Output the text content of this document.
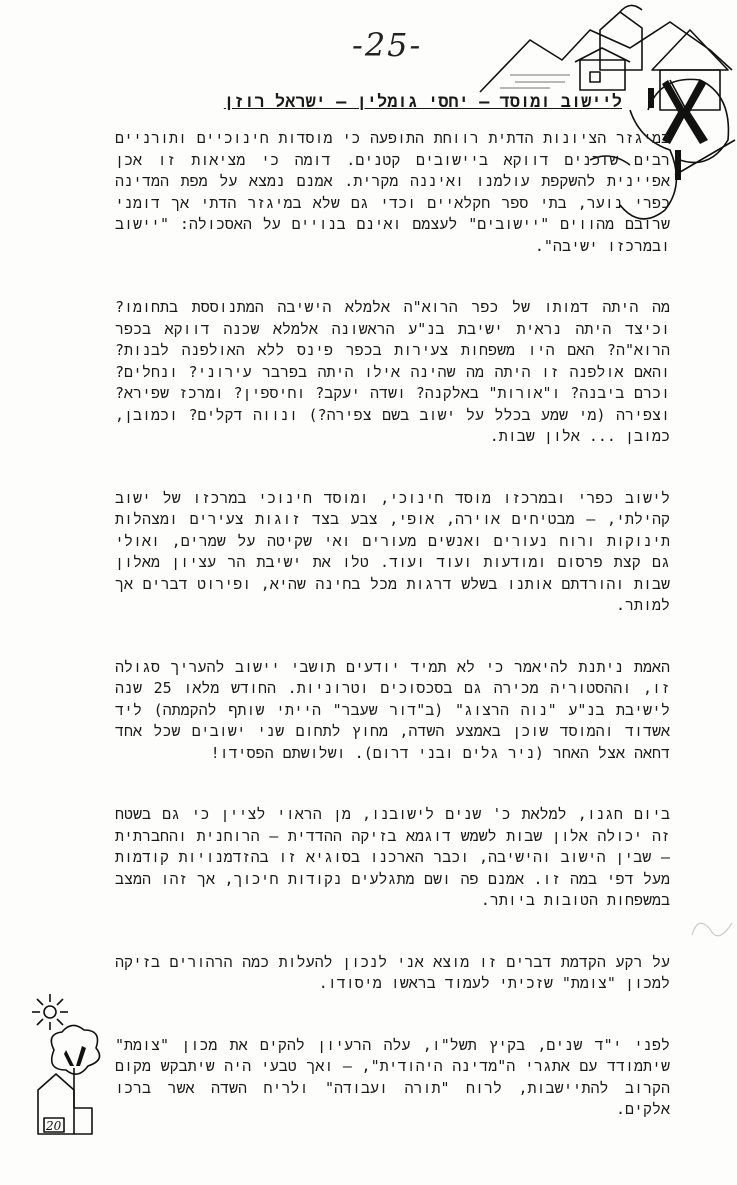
-25-
ליישוב ומוסד – יחסי גומלין – ישראל רוזן

במיגזר הציונות הדתית רווחת התופעה כי מוסדות חינוכיים ותורניים רבים שוכנים דווקא ביישובים קטנים. דומה כי מציאות זו אכן אפיינית להשקפת עולמנו ואיננה מקרית. אמנם נמצא על מפת המדינה כפרי נוער, בתי ספר חקלאיים וכדי גם שלא במיגזר הדתי אך דומני שרובם מהווים "יישובים" לעצמם ואינם בנויים על האסכולה: "יישוב ובמרכזו ישיבה".

מה היתה דמותו של כפר הרוא"ה אלמלא הישיבה המתנוססת בתחומו? וכיצד היתה נראית ישיבת בנ"ע הראשונה אלמלא שכנה דווקא בכפר הרוא"ה? האם היו משפחות צעירות בכפר פינס ללא האולפנה לבנות? והאם אולפנה זו היתה מה שהינה אילו היתה בפרבר עירוני? ונחלים? וכרם ביבנה? ו"אורות" באלקנה? ושדה יעקב? וחיספין? ומרכז שפירא? וצפירה (מי שמע בכלל על ישוב בשם צפירה?) ונווה דקלים? וכמובן, כמובן ... אלון שבות.

לישוב כפרי ובמרכזו מוסד חינוכי, ומוסד חינוכי במרכזו של ישוב קהילתי, – מבטיחים אוירה, אופי, צבע בצד זוגות צעירים ומצהלות תינוקות ורוח נעורים ואנשים מעורים ואי שקיטה על שמרים, ואולי גם קצת פרסום ומודעות ועוד ועוד. טלו את ישיבת הר עציון מאלון שבות והורדתם אותנו בשלש דרגות מכל בחינה שהיא, ופירוט דברים אך למותר.

האמת ניתנת להיאמר כי לא תמיד יודעים תושבי יישוב להעריך סגולה זו, וההסטוריה מכירה גם בסכסוכים וטרוניות. החודש מלאו 25 שנה לישיבת בנ"ע "נוה הרצוג" (ב"דור שעבר" הייתי שותף להקמתה) ליד אשדוד והמוסד שוכן באמצע השדה, מחוץ לתחום שני ישובים שכל אחד דחאה אצל האחר (ניר גלים ובני דרום). ושלושתם הפסידו!

ביום חגנו, למלאת כ' שנים לישובנו, מן הראוי לציין כי גם בשטח זה יכולה אלון שבות לשמש דוגמא בזיקה ההדדית – הרוחנית והחברתית – שבין הישוב והישיבה, וכבר הארכנו בסוגיא זו בהזדמנויות קודמות מעל דפי במה זו. אמנם פה ושם מתגלעים נקודות חיכוך, אך זהו המצב במשפחות הטובות ביותר.

על רקע הקדמת דברים זו מוצא אני לנכון להעלות כמה הרהורים בזיקה למכון "צומת" שזכיתי לעמוד בראשו מיסודו.

לפני י"ד שנים, בקיץ תשל"ו, עלה הרעיון להקים את מכון "צומת" שיתמודד עם אתגרי ה"מדינה היהודית", – ואך טבעי היה שיתבקש מקום הקרוב להתיישבות, לרוח "תורה ועבודה" ולריח השדה אשר ברכו אלקים.

20
